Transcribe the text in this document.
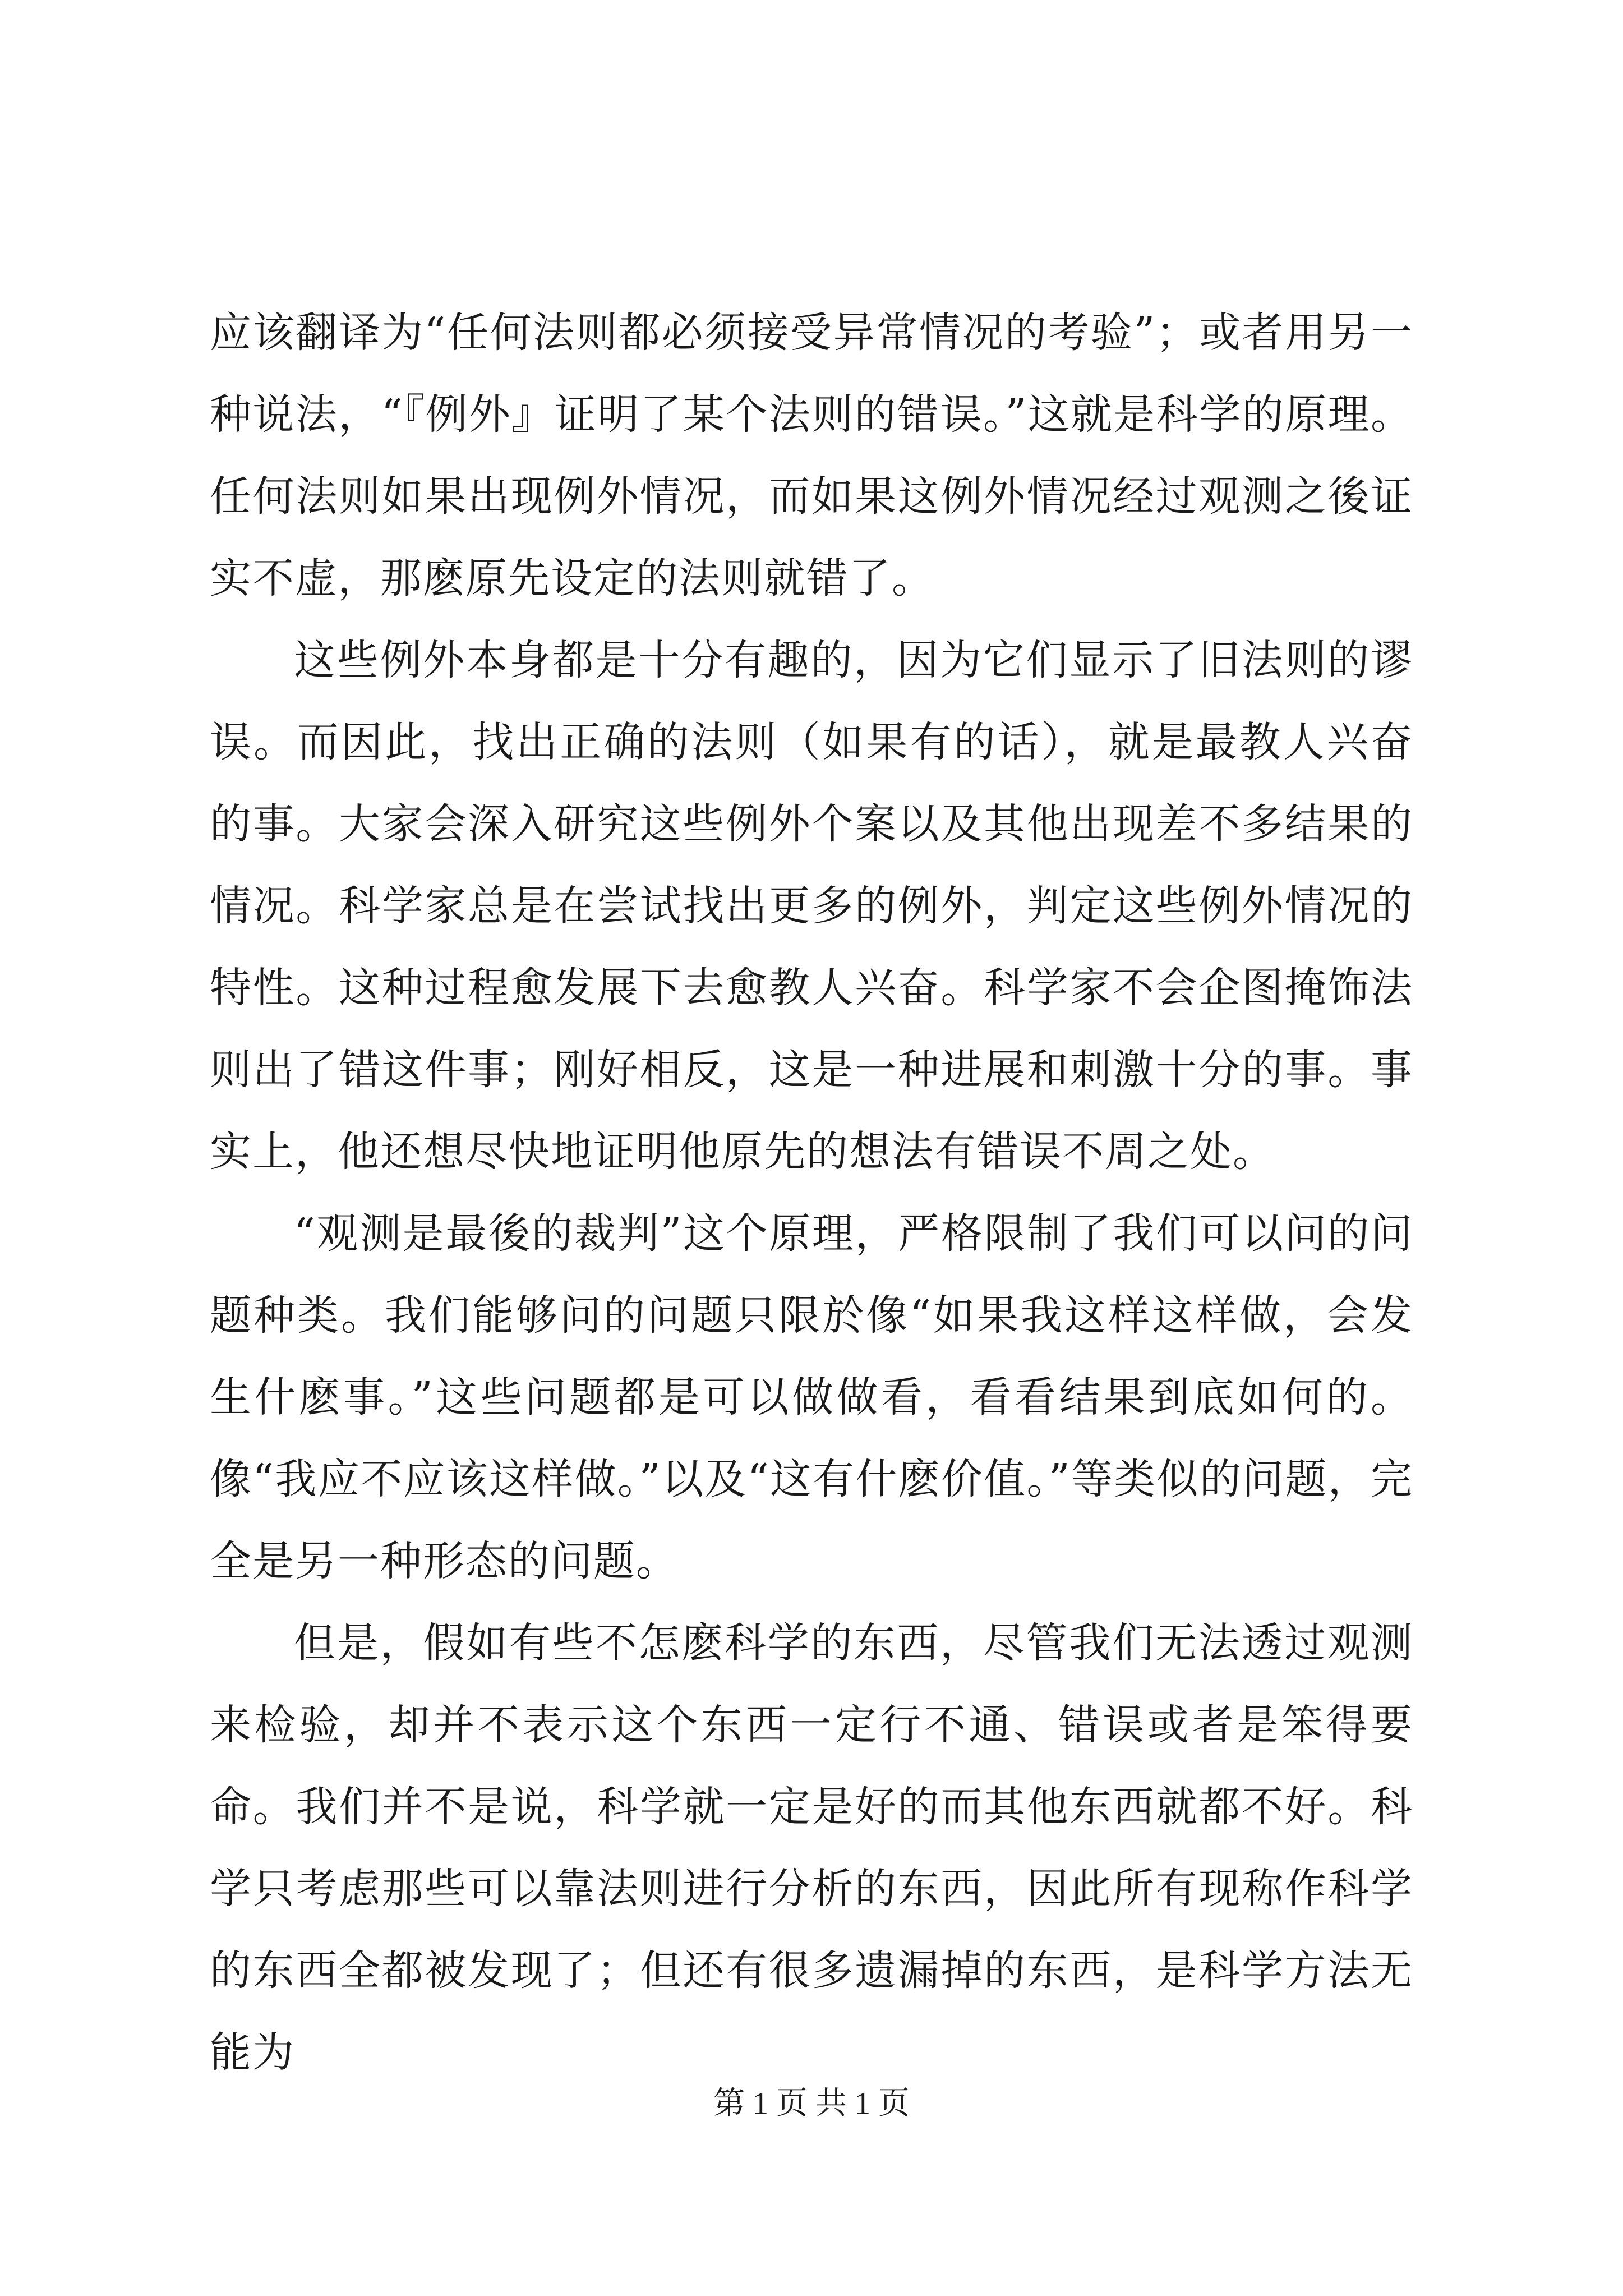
应该翻译为“任何法则都必须接受异常情况的考验”；或者用另一种说法，“『例外』证明了某个法则的错误。”这就是科学的原理。任何法则如果出现例外情况，而如果这例外情况经过观测之後证实不虚，那麽原先设定的法则就错了。

这些例外本身都是十分有趣的，因为它们显示了旧法则的谬误。而因此，找出正确的法则（如果有的话），就是最教人兴奋的事。大家会深入研究这些例外个案以及其他出现差不多结果的情况。科学家总是在尝试找出更多的例外，判定这些例外情况的特性。这种过程愈发展下去愈教人兴奋。科学家不会企图掩饰法则出了错这件事；刚好相反，这是一种进展和刺激十分的事。事实上，他还想尽快地证明他原先的想法有错误不周之处。

“观测是最後的裁判”这个原理，严格限制了我们可以问的问题种类。我们能够问的问题只限於像“如果我这样这样做，会发生什麽事。”这些问题都是可以做做看，看看结果到底如何的。像“我应不应该这样做。”以及“这有什麽价值。”等类似的问题，完全是另一种形态的问题。

但是，假如有些不怎麽科学的东西，尽管我们无法透过观测来检验，却并不表示这个东西一定行不通、错误或者是笨得要命。我们并不是说，科学就一定是好的而其他东西就都不好。科学只考虑那些可以靠法则进行分析的东西，因此所有现称作科学的东西全都被发现了；但还有很多遗漏掉的东西，是科学方法无能为

第 1 页 共 1 页
